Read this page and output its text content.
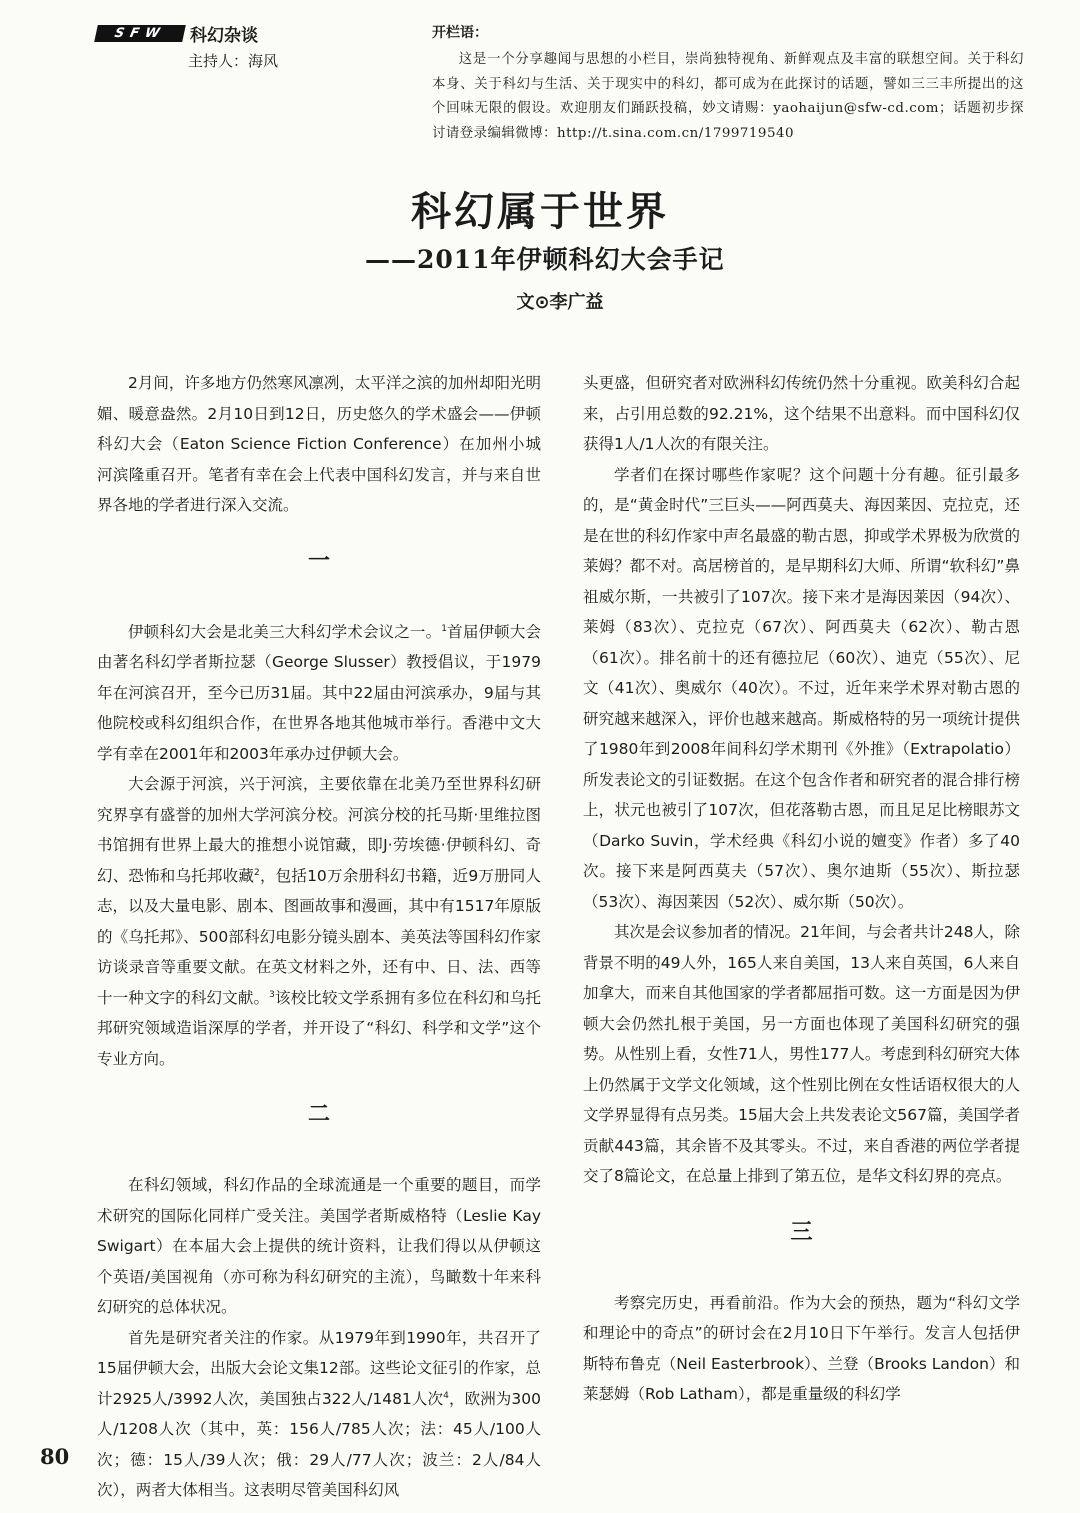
SFW	科幻杂谈
主持人：海风
开栏语：

这是一个分享趣闻与思想的小栏目，崇尚独特视角、新鲜观点及丰富的联想空间。关于科幻本身、关于科幻与生活、关于现实中的科幻，都可成为在此探讨的话题，譬如三三丰所提出的这个回味无限的假设。欢迎朋友们踊跃投稿，妙文请赐：yaohaijun@sfw-cd.com；话题初步探讨请登录编辑微博：http://t.sina.com.cn/1799719540

科幻属于世界
——2011年伊顿科幻大会手记
文⊙李广益

2月间，许多地方仍然寒风凛冽，太平洋之滨的加州却阳光明媚、暖意盎然。2月10日到12日，历史悠久的学术盛会——伊顿科幻大会（Eaton Science Fiction Conference）在加州小城河滨隆重召开。笔者有幸在会上代表中国科幻发言，并与来自世界各地的学者进行深入交流。

一

伊顿科幻大会是北美三大科幻学术会议之一。$^1$首届伊顿大会由著名科幻学者斯拉瑟（George Slusser）教授倡议，于1979年在河滨召开，至今已历31届。其中22届由河滨承办，9届与其他院校或科幻组织合作，在世界各地其他城市举行。香港中文大学有幸在2001年和2003年承办过伊顿大会。

大会源于河滨，兴于河滨，主要依靠在北美乃至世界科幻研究界享有盛誉的加州大学河滨分校。河滨分校的托马斯·里维拉图书馆拥有世界上最大的推想小说馆藏，即J·劳埃德·伊顿科幻、奇幻、恐怖和乌托邦收藏$^2$，包括10万余册科幻书籍，近9万册同人志，以及大量电影、剧本、图画故事和漫画，其中有1517年原版的《乌托邦》、500部科幻电影分镜头剧本、美英法等国科幻作家访谈录音等重要文献。在英文材料之外，还有中、日、法、西等十一种文字的科幻文献。$^3$该校比较文学系拥有多位在科幻和乌托邦研究领域造诣深厚的学者，并开设了“科幻、科学和文学”这个专业方向。

二

在科幻领域，科幻作品的全球流通是一个重要的题目，而学术研究的国际化同样广受关注。美国学者斯威格特（Leslie Kay Swigart）在本届大会上提供的统计资料，让我们得以从伊顿这个英语/美国视角（亦可称为科幻研究的主流），鸟瞰数十年来科幻研究的总体状况。

首先是研究者关注的作家。从1979年到1990年，共召开了15届伊顿大会，出版大会论文集12部。这些论文征引的作家，总计2925人/3992人次，美国独占322人/1481人次$^4$，欧洲为300人/1208人次（其中，英：156人/785人次；法：45人/100人次；德：15人/39人次；俄：29人/77人次；波兰：2人/84人次），两者大体相当。这表明尽管美国科幻风

头更盛，但研究者对欧洲科幻传统仍然十分重视。欧美科幻合起来，占引用总数的92.21%，这个结果不出意料。而中国科幻仅获得1人/1人次的有限关注。

学者们在探讨哪些作家呢？这个问题十分有趣。征引最多的，是“黄金时代”三巨头——阿西莫夫、海因莱因、克拉克，还是在世的科幻作家中声名最盛的勒古恩，抑或学术界极为欣赏的莱姆？都不对。高居榜首的，是早期科幻大师、所谓“软科幻”鼻祖威尔斯，一共被引了107次。接下来才是海因莱因（94次）、莱姆（83次）、克拉克（67次）、阿西莫夫（62次）、勒古恩（61次）。排名前十的还有德拉尼（60次）、迪克（55次）、尼文（41次）、奥威尔（40次）。不过，近年来学术界对勒古恩的研究越来越深入，评价也越来越高。斯威格特的另一项统计提供了1980年到2008年间科幻学术期刊《外推》（Extrapolatio）所发表论文的引证数据。在这个包含作者和研究者的混合排行榜上，状元也被引了107次，但花落勒古恩，而且足足比榜眼苏文（Darko Suvin，学术经典《科幻小说的嬗变》作者）多了40次。接下来是阿西莫夫（57次）、奥尔迪斯（55次）、斯拉瑟（53次）、海因莱因（52次）、威尔斯（50次）。

其次是会议参加者的情况。21年间，与会者共计248人，除背景不明的49人外，165人来自美国，13人来自英国，6人来自加拿大，而来自其他国家的学者都屈指可数。这一方面是因为伊顿大会仍然扎根于美国，另一方面也体现了美国科幻研究的强势。从性别上看，女性71人，男性177人。考虑到科幻研究大体上仍然属于文学文化领域，这个性别比例在女性话语权很大的人文学界显得有点另类。15届大会上共发表论文567篇，美国学者贡献443篇，其余皆不及其零头。不过，来自香港的两位学者提交了8篇论文，在总量上排到了第五位，是华文科幻界的亮点。

三

考察完历史，再看前沿。作为大会的预热，题为“科幻文学和理论中的奇点”的研讨会在2月10日下午举行。发言人包括伊斯特布鲁克（Neil Easterbrook）、兰登（Brooks Landon）和莱瑟姆（Rob Latham），都是重量级的科幻学

80
